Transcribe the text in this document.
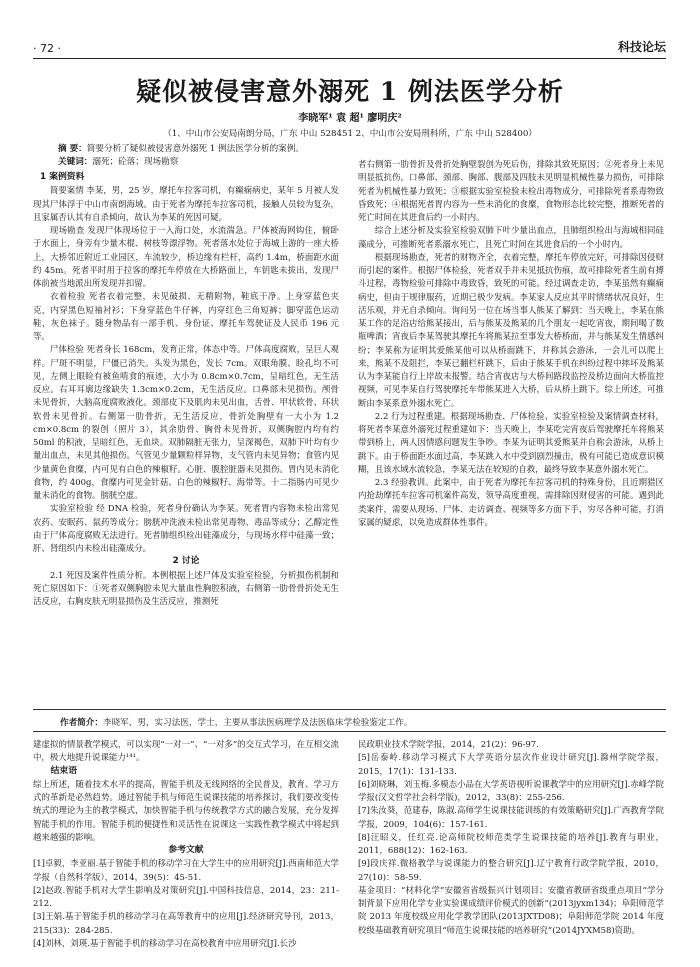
· 72 ·	科技论坛
疑似被侵害意外溺死 1 例法医学分析
李晓军¹ 袁 超¹ 廖明庆²
（1、中山市公安局南朗分局，广东 中山 528451 2、中山市公安局刑科所，广东 中山 528400）
摘 要：简要分析了疑似被侵害意外溺死 1 例法医学分析的案例。
关键词：溺死；砼落；现场勘察

1 案例资料

简要案情 李某，男，25 岁，摩托车拉客司机，有癫痫病史，某年 5 月被人发现其尸体浮于中山市南朗海域。由于死者为摩托车拉客司机，接触人员较为复杂，且家属否认其有自杀倾向，故认为李某的死因可疑。

现场勘查 发现尸体现场位于一入海口处，水流湍急。尸体被海网钩住，俯卧于水面上，身旁有少量木棍、树枝等漂浮物。死者落水处位于海城上游的一座大桥上，大桥邻近附近工业园区，车流较少，桥边缘有栏杆，高约 1.4m，桥面距水面约 45m。死者平时用于拉客的摩托车停放在大桥路面上，车钥匙未拔出，发现尸体前被当地派出所发现并扣留。

衣着检验 死者衣着完整，未见破损、无精附物，鞋底干净。上身穿蓝色夹克，内穿黑色短袖衬衫；下身穿蓝色牛仔裤，内穿红色三角短裤；脚穿蓝色运动鞋，灰色袜子。随身物品有一部手机、身份证、摩托车驾驶证及人民币 196 元等。

尸体检验 死者身长 168cm，发育正常，体态中等。尸体高度腐败，呈巨人观样。尸斑不明显，尸僵已消失。头发为黑色，发长 7cm。双眼角膜、睑孔均不可见，左侧上眼睑有被鱼啃食的痕迹，大小为 0.8cm×0.7cm，呈暗红色，无生活反应。右耳耳廓边缘缺失 1.3cm×0.2cm，无生活反应。口鼻部未见损伤。颅骨未见骨折，大脑高度腐败液化。颈部皮下及肌肉未见出血，舌骨、甲状软骨、环状软骨未见骨折。右侧第一肋骨折，无生活反应，骨折处胸壁有一大小为 1.2 cm×0.8cm 的裂创（照片 3），其余肋骨、胸骨未见骨折，双侧胸腔内均有约 50ml 的积液，呈暗红色，无血块。双肺隔脏无张力，呈深褐色，双肺下叶均有少量出血点，未见其他损伤。气管见少量颗粒样异物，支气管内未见异物；食管内见少量黄色食糜，内可见有白色的辣椒籽。心脏、腹腔脏器未见损伤。胃内见未消化食物，约 400g，食糜内可见金针菇、白色的辣椒籽、海带等。十二指肠内可见少量未消化的食物。膀胱空虚。

实验室检验 经 DNA 检验，死者身份确认为李某。死者胃内容物未检出常见农药、安眠药、鼠药等成分；膀胱冲洗液未检出常见毒物、毒品等成分；乙醇定性由于尸体高度腐败无法进行。死者肺组织检出硅藻成分，与现场水样中硅藻一致；肝、肾组织内未检出硅藻成分。

2 讨论

2.1 死因及案件性质分析。本例根据上述尸体及实验室检验，分析损伤机制和死亡原因如下：①死者双侧胸腔未见大量血性胸腔积液，右侧第一肋骨骨折处无生活反应，右胸皮肤无明显损伤及生活反应，推测死

者右侧第一肋骨折及骨折处胸壁裂创为死后伤，排除其致死原因；②死者身上未见明显抵抗伤，口鼻部、颈部、胸部、腹部及四肢未见明显机械性暴力损伤，可排除死者为机械性暴力致死；③根据实验室检验未检出毒物成分，可排除死者系毒物致昏致死；④根据死者胃内容为一些未消化的食糜，食物形态比较完整，推断死者的死亡时间在其进食后约一小时内。

综合上述分析及实验室检验双肺下叶少量出血点，且肺组织检出与海城相同硅藻成分，可推断死者系溺水死亡，且死亡时间在其进食后的一个小时内。

根据现场勘查，死者的财物齐全，衣着完整，摩托车停放完好，可排除因侵财而引起的案件。根据尸体检验，死者双手并未见抵抗伤痕，故可排除死者生前有搏斗过程，毒物检验可排除中毒致昏，致死的可能。经过调查走访，李某虽然有癫痫病史，但由于规律服药，近期已极少发病。李某家人反应其平时情绪状况良好，生活乐观，并无自杀倾向。询问另一位在场当事人熊某了解到：当天晚上，李某在熊某工作的足浴店给熊某接出，后与熊某及熊某的几个朋友一起吃宵夜，期间喝了数瓶啤酒；宵夜后李某驾驶其摩托车将熊某拉至事发大桥桥面，并与熊某发生情感纠纷；李某称为证明其爱熊某他可以从桥面跳下，并称其会游泳，一会儿可以爬上来，熊某不及阻拦，李某已翻栏杆跳下，后由于熊某手机在纠纷过程中摔坏及熊某认为李某能自行上岸故未报警。结合宵夜店与大桥间路段监控及桥边面向大桥监控视频，可见李某自行驾驶摩托车带熊某进入大桥，后从桥上跳下。综上所述，可推断由李某系意外溺水死亡。

2.2 行为过程重建。根据现场勘查、尸体检验、实验室检验及案情调查材料，将死者李某意外溺死过程重建如下：当天晚上，李某吃完宵夜后驾驶摩托车将熊某带到桥上，两人因情感问题发生争吵。李某为证明其爱熊某并自称会游泳，从桥上跳下。由于桥面距水面过高，李某跳入水中受到剧烈撞击，极有可能已造成意识模糊，且该水域水流较急，李某无法在较短的自救，最终导致李某意外溺水死亡。

2.3 经验教训。此案中，由于死者为摩托车拉客司机的特殊身份，且近期猎区内抢劫摩托车拉客司机案件高发，领导高度重视，需排除因财侵害的可能。遇到此类案件，需要从现场、尸体、走访调查、视频等多方面下手，穷尽各种可能，打消家属的疑虑，以免造成群体性事件。

作者简介：李晓军，男，实习法医，学士，主要从事法医病理学及法医临床学检验鉴定工作。

建虚拟的情景教学模式，可以实现“一对一”、“一对多”的交互式学习，在互相交流中，极大地提升说课能力¹⁴¹。

结束语

综上所述，随着技术水平的提高，智能手机及无线网络的全民普及，教育、学习方式的革新是必然趋势。通过智能手机与师范生说课技能的培养探讨，我们要改变传统式的理论为主的教学模式，加快智能手机与传统教学方式的融合发展，充分发挥智能手机的作用。智能手机的便捷性和灵活性在说课这一实践性教学模式中将起到越来越强的影响。

参考文献

[1]卓毅，李亚丽.基于智能手机的移动学习在大学生中的应用研究[J].西南师范大学学报（自然科学版），2014，39(5)：45-51.

[2]赵政.智能手机对大学生影响及对策研究[J].中国科技信息，2014，23：211-212.

[3]王娟.基于智能手机的移动学习在高等教育中的应用[J].经济研究导刊，2013，215(33)：284-285.

[4]刘林，刘瑛.基于智能手机的移动学习在高校教育中应用研究[J].长沙

民政职业技术学院学报，2014，21(2)：96-97.

[5]岳泰岭.移动学习模式下大学英语分层次作业设计研究[J].滁州学院学报，2015，17(1)：131-133.

[6]刘晓琳，刘玉梅.多模态小品在大学英语视听说课教学中的应用研究[J].赤峰学院学报(汉文哲学社会科学版)，2012，33(8)：255-256.

[7]朱汝葵，范建春，陈淑.高师学生说课技能训练的有效策略研究[J].广西教育学院学报，2009，104(6)：157-161.

[8]汪昭义，任红亮.论高师院校师范类学生说课技能的培养[J].教育与职业，2011，688(12)：162-163.

[9]段庆祥.微格教学与说课能力的整合研究[J].辽宁教育行政学院学报，2010，27(10)：58-59.

基金项目：“材料化学”安徽省省级振兴计划项目；安徽省教研省级重点项目“学分制背景下应用化学专业实验课成绩评价模式的创新”(2013jyxm134)；阜阳师范学院 2013 年度校级应用化学教学团队(2013JXTD08)；阜阳师范学院 2014 年度校级基础教育研究项目“师范生说课技能的培养研究”(2014JYXM58)资助。
